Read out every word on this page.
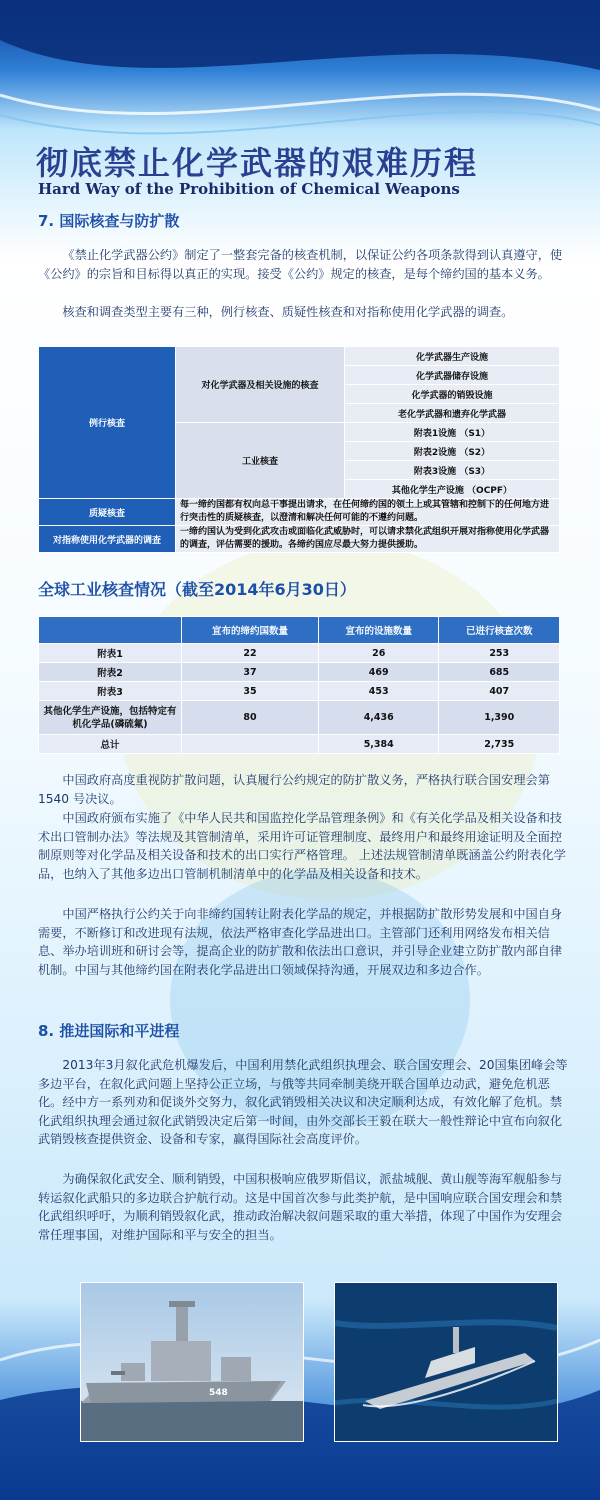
彻底禁止化学武器的艰难历程
Hard Way of the Prohibition of Chemical Weapons
7. 国际核查与防扩散

《禁止化学武器公约》制定了一整套完备的核查机制，以保证公约各项条款得到认真遵守，使《公约》的宗旨和目标得以真正的实现。接受《公约》规定的核查，是每个缔约国的基本义务。

核查和调查类型主要有三种，例行核查、质疑性核查和对指称使用化学武器的调查。

例行核查	对化学武器及相关设施的核查	化学武器生产设施
		化学武器储存设施
		化学武器的销毁设施
		老化学武器和遗弃化学武器
	工业核查	附表1设施 （S1）
		附表2设施 （S2）
		附表3设施 （S3）
		其他化学生产设施 （OCPF）
质疑核查	每一缔约国都有权向总干事提出请求，在任何缔约国的领土上或其管辖和控制下的任何地方进行突击性的质疑核查，以澄清和解决任何可能的不遵约问题。	
对指称使用化学武器的调查	一缔约国认为受到化武攻击或面临化武威胁时，可以请求禁化武组织开展对指称使用化学武器的调查，评估需要的援助。各缔约国应尽最大努力提供援助。	
全球工业核查情况（截至2014年6月30日）
	宣布的缔约国数量	宣布的设施数量	已进行核查次数
附表1	22	26	253
附表2	37	469	685
附表3	35	453	407
其他化学生产设施，包括特定有机化学品(磷硫氟)	80	4,436	1,390
总计		5,384	2,735

中国政府高度重视防扩散问题，认真履行公约规定的防扩散义务，严格执行联合国安理会第1540 号决议。

中国政府颁布实施了《中华人民共和国监控化学品管理条例》和《有关化学品及相关设备和技术出口管制办法》等法规及其管制清单，采用许可证管理制度、最终用户和最终用途证明及全面控制原则等对化学品及相关设备和技术的出口实行严格管理。 上述法规管制清单既涵盖公约附表化学品，也纳入了其他多边出口管制机制清单中的化学品及相关设备和技术。

中国严格执行公约关于向非缔约国转让附表化学品的规定，并根据防扩散形势发展和中国自身需要，不断修订和改进现有法规，依法严格审查化学品进出口。主管部门还利用网络发布相关信息、举办培训班和研讨会等，提高企业的防扩散和依法出口意识，并引导企业建立防扩散内部自律机制。中国与其他缔约国在附表化学品进出口领域保持沟通，开展双边和多边合作。

8. 推进国际和平进程

2013年3月叙化武危机爆发后，中国利用禁化武组织执理会、联合国安理会、20国集团峰会等多边平台，在叙化武问题上坚持公正立场，与俄等共同牵制美绕开联合国单边动武，避免危机恶化。经中方一系列劝和促谈外交努力，叙化武销毁相关决议和决定顺利达成，有效化解了危机。禁化武组织执理会通过叙化武销毁决定后第一时间，由外交部长王毅在联大一般性辩论中宣布向叙化武销毁核查提供资金、设备和专家，赢得国际社会高度评价。

为确保叙化武安全、顺利销毁，中国积极响应俄罗斯倡议，派盐城舰、黄山舰等海军舰船参与转运叙化武船只的多边联合护航行动。这是中国首次参与此类护航，是中国响应联合国安理会和禁化武组织呼吁，为顺利销毁叙化武，推动政治解决叙问题采取的重大举措，体现了中国作为安理会常任理事国，对维护国际和平与安全的担当。

548
